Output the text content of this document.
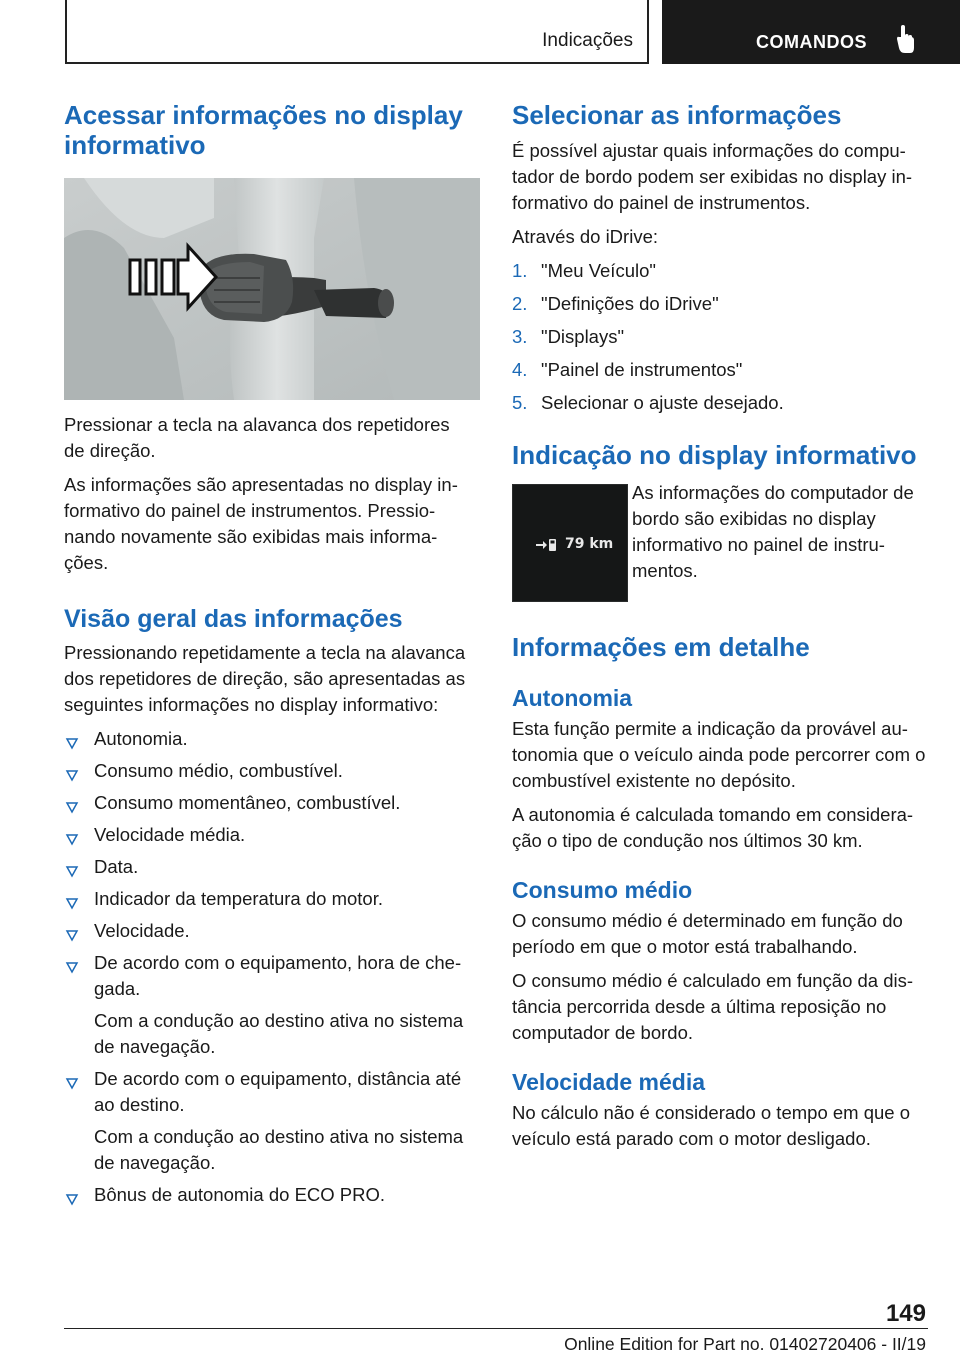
Indicações	COMANDOS
Acessar informações no display informativo

Pressionar a tecla na alavanca dos repetidores de direção.

As informações são apresentadas no display in-formativo do painel de instrumentos. Pressio-nando novamente são exibidas mais informa-ções.

Visão geral das informações

Pressionando repetidamente a tecla na alavanca dos repetidores de direção, são apresentadas as seguintes informações no display informativo:

Autonomia.
Consumo médio, combustível.
Consumo momentâneo, combustível.
Velocidade média.
Data.
Indicador da temperatura do motor.
Velocidade.
De acordo com o equipamento, hora de che-gada.
Com a condução ao destino ativa no sistema de navegação.
De acordo com o equipamento, distância até ao destino.
Com a condução ao destino ativa no sistema de navegação.
Bônus de autonomia do ECO PRO.
Selecionar as informações

É possível ajustar quais informações do compu-tador de bordo podem ser exibidas no display in-formativo do painel de instrumentos.

Através do iDrive:

1. "Meu Veículo"
2. "Definições do iDrive"
3. "Displays"
4. "Painel de instrumentos"
5. Selecionar o ajuste desejado.
Indicação no display informativo
79 km

As informações do computador de bordo são exibidas no display informativo no painel de instru-mentos.

Informações em detalhe
Autonomia

Esta função permite a indicação da provável au-tonomia que o veículo ainda pode percorrer com o combustível existente no depósito.

A autonomia é calculada tomando em considera-ção o tipo de condução nos últimos 30 km.

Consumo médio

O consumo médio é determinado em função do período em que o motor está trabalhando.

O consumo médio é calculado em função da dis-tância percorrida desde a última reposição no computador de bordo.

Velocidade média

No cálculo não é considerado o tempo em que o veículo está parado com o motor desligado.

149
Online Edition for Part no. 01402720406 - II/19
